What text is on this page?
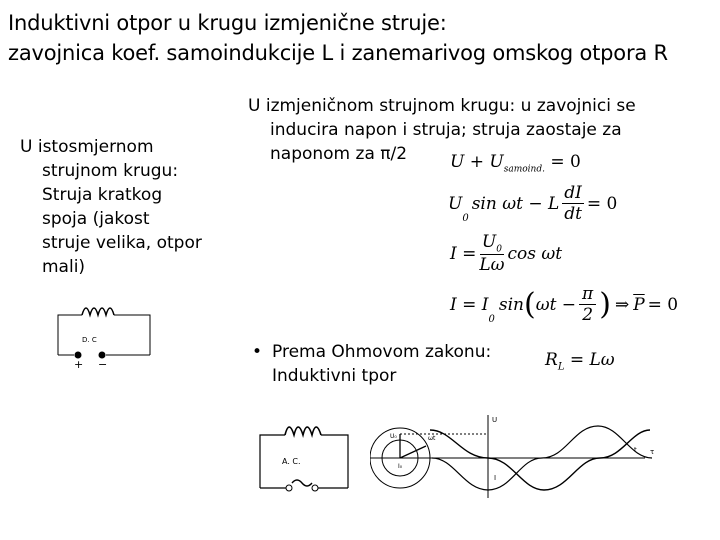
Induktivni otpor u krugu izmjenične struje:
zavojnica koef. samoindukcije L i zanemarivog omskog otpora R
U istosmjernom
strujnom krugu:
Struja kratkog
spoja (jakost
struje velika, otpor
mali)
D. C
+ −
U izmjeničnom strujnom krugu: u zavojnici se
inducira napon i struja; struja zaostaje za
naponom za π/2	$U + U_{samoind.} = 0$
U
$_0$
sin ωt − L $\frac{dI}{dt} = 0$
$I = \frac{U_0}{L\omega}$ cos ωt
I = I
$_0$
sin ( $\omega t - \frac{\pi}{2}$ ) ⇒ $\overline{P} = 0$
• Prema Ohmovom zakonu:
Induktivni tpor
$R_L = L\omega$
A. C.
U
U₀	ωt
I₀
I
t τ
